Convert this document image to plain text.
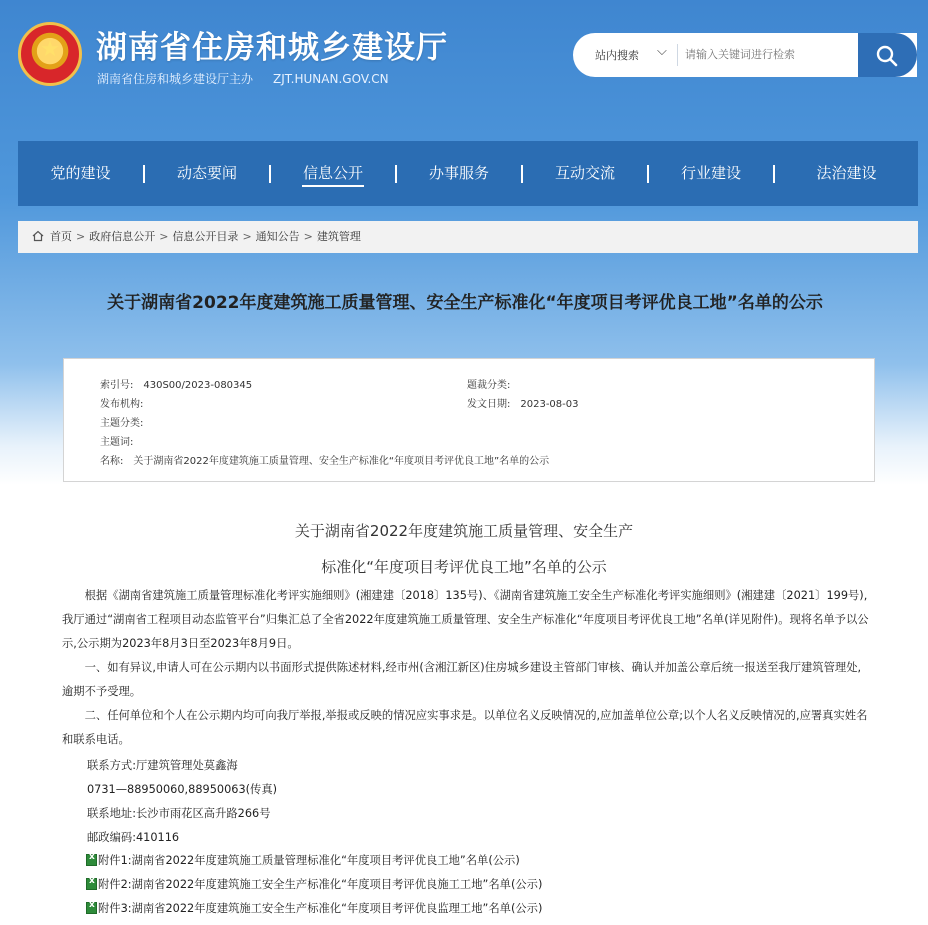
★	湖南省住房和城乡建设厅
湖南省住房和城乡建设厅主办 ZJT.HUNAN.GOV.CN
站内搜索 ⌵
请输入关键词进行检索
党的建设	动态要闻	信息公开	办事服务	互动交流	行业建设	法治建设
首页 > 政府信息公开 > 信息公开目录 > 通知公告 > 建筑管理
关于湖南省2022年度建筑施工质量管理、安全生产标准化“年度项目考评优良工地”名单的公示
索引号: 430S00/2023-080345	题裁分类:
发布机构:	发文日期: 2023-08-03
主题分类:
主题词:
名称: 关于湖南省2022年度建筑施工质量管理、安全生产标准化“年度项目考评优良工地”名单的公示
关于湖南省2022年度建筑施工质量管理、安全生产
标准化“年度项目考评优良工地”名单的公示
根据《湖南省建筑施工质量管理标准化考评实施细则》(湘建建〔2018〕135号)、《湖南省建筑施工安全生产标准化考评实施细则》(湘建建〔2021〕199号),我厅通过“湖南省工程项目动态监管平台”归集汇总了全省2022年度建筑施工质量管理、安全生产标准化“年度项目考评优良工地”名单(详见附件)。现将名单予以公示,公示期为2023年8月3日至2023年8月9日。
一、如有异议,申请人可在公示期内以书面形式提供陈述材料,经市州(含湘江新区)住房城乡建设主管部门审核、确认并加盖公章后统一报送至我厅建筑管理处,逾期不予受理。
二、任何单位和个人在公示期内均可向我厅举报,举报或反映的情况应实事求是。以单位名义反映情况的,应加盖单位公章;以个人名义反映情况的,应署真实姓名和联系电话。
联系方式:厅建筑管理处莫鑫海
0731—88950060,88950063(传真)
联系地址:长沙市雨花区高升路266号
邮政编码:410116
x附件1:湖南省2022年度建筑施工质量管理标准化“年度项目考评优良工地”名单(公示)
x附件2:湖南省2022年度建筑施工安全生产标准化“年度项目考评优良施工工地”名单(公示)
x附件3:湖南省2022年度建筑施工安全生产标准化“年度项目考评优良监理工地”名单(公示)
